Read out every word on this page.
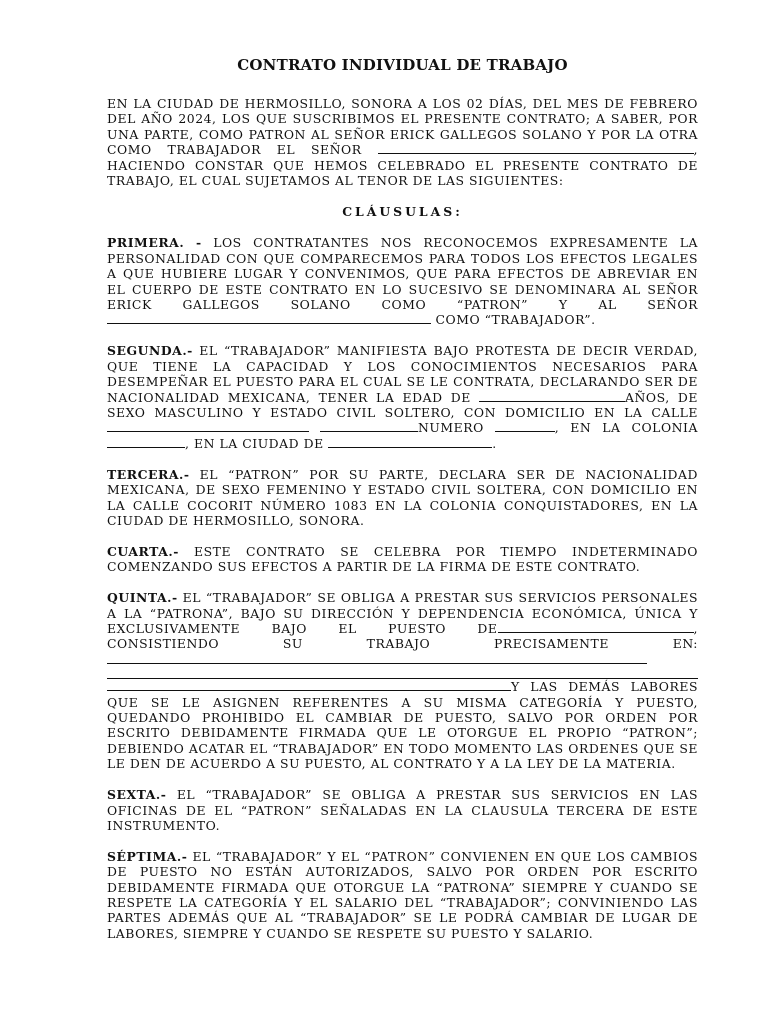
CONTRATO INDIVIDUAL DE TRABAJO

EN LA CIUDAD DE HERMOSILLO, SONORA A LOS 02 DÍAS, DEL MES DE FEBRERO DEL AÑO 2024, LOS QUE SUSCRIBIMOS EL PRESENTE CONTRATO; A SABER, POR UNA PARTE, COMO PATRON AL SEÑOR ERICK GALLEGOS SOLANO Y POR LA OTRA COMO TRABAJADOR EL SEÑOR	, HACIENDO CONSTAR QUE HEMOS CELEBRADO EL PRESENTE CONTRATO DE TRABAJO, EL CUAL SUJETAMOS AL TENOR DE LAS SIGUIENTES:

CLÁUSULAS:

PRIMERA. - LOS CONTRATANTES NOS RECONOCEMOS EXPRESAMENTE LA PERSONALIDAD CON QUE COMPARECEMOS PARA TODOS LOS EFECTOS LEGALES A QUE HUBIERE LUGAR Y CONVENIMOS, QUE PARA EFECTOS DE ABREVIAR EN EL CUERPO DE ESTE CONTRATO EN LO SUCESIVO SE DENOMINARA AL SEÑOR ERICK GALLEGOS SOLANO COMO “PATRON” Y AL SEÑOR COMO “TRABAJADOR”.

SEGUNDA.- EL “TRABAJADOR” MANIFIESTA BAJO PROTESTA DE DECIR VERDAD, QUE TIENE LA CAPACIDAD Y LOS CONOCIMIENTOS NECESARIOS PARA DESEMPEÑAR EL PUESTO PARA EL CUAL SE LE CONTRATA, DECLARANDO SER DE NACIONALIDAD MEXICANA, TENER LA EDAD DE	AÑOS, DE SEXO MASCULINO Y ESTADO CIVIL SOLTERO, CON DOMICILIO EN LA CALLE NUMERO	, EN LA COLONIA, EN LA CIUDAD DE	.

TERCERA.- EL “PATRON” POR SU PARTE, DECLARA SER DE NACIONALIDAD MEXICANA, DE SEXO FEMENINO Y ESTADO CIVIL SOLTERA, CON DOMICILIO EN LA CALLE COCORIT NÚMERO 1083 EN LA COLONIA CONQUISTADORES, EN LA CIUDAD DE HERMOSILLO, SONORA.

CUARTA.- ESTE CONTRATO SE CELEBRA POR TIEMPO INDETERMINADO COMENZANDO SUS EFECTOS A PARTIR DE LA FIRMA DE ESTE CONTRATO.

QUINTA.- EL “TRABAJADOR” SE OBLIGA A PRESTAR SUS SERVICIOS PERSONALES A LA “PATRONA”, BAJO SU DIRECCIÓN Y DEPENDENCIA ECONÓMICA, ÚNICA Y EXCLUSIVAMENTE BAJO EL PUESTO DE	, CONSISTIENDO SU TRABAJO PRECISAMENTE EN:
Y LAS DEMÁS LABORES QUE SE LE ASIGNEN REFERENTES A SU MISMA CATEGORÍA Y PUESTO, QUEDANDO PROHIBIDO EL CAMBIAR DE PUESTO, SALVO POR ORDEN POR ESCRITO DEBIDAMENTE FIRMADA QUE LE OTORGUE EL PROPIO “PATRON”; DEBIENDO ACATAR EL “TRABAJADOR” EN TODO MOMENTO LAS ORDENES QUE SE LE DEN DE ACUERDO A SU PUESTO, AL CONTRATO Y A LA LEY DE LA MATERIA.

SEXTA.- EL “TRABAJADOR” SE OBLIGA A PRESTAR SUS SERVICIOS EN LAS OFICINAS DE EL “PATRON” SEÑALADAS EN LA CLAUSULA TERCERA DE ESTE INSTRUMENTO.

SÉPTIMA.- EL “TRABAJADOR” Y EL “PATRON” CONVIENEN EN QUE LOS CAMBIOS DE PUESTO NO ESTÁN AUTORIZADOS, SALVO POR ORDEN POR ESCRITO DEBIDAMENTE FIRMADA QUE OTORGUE LA “PATRONA” SIEMPRE Y CUANDO SE RESPETE LA CATEGORÍA Y EL SALARIO DEL “TRABAJADOR”; CONVINIENDO LAS PARTES ADEMÁS QUE AL “TRABAJADOR” SE LE PODRÁ CAMBIAR DE LUGAR DE LABORES, SIEMPRE Y CUANDO SE RESPETE SU PUESTO Y SALARIO.
